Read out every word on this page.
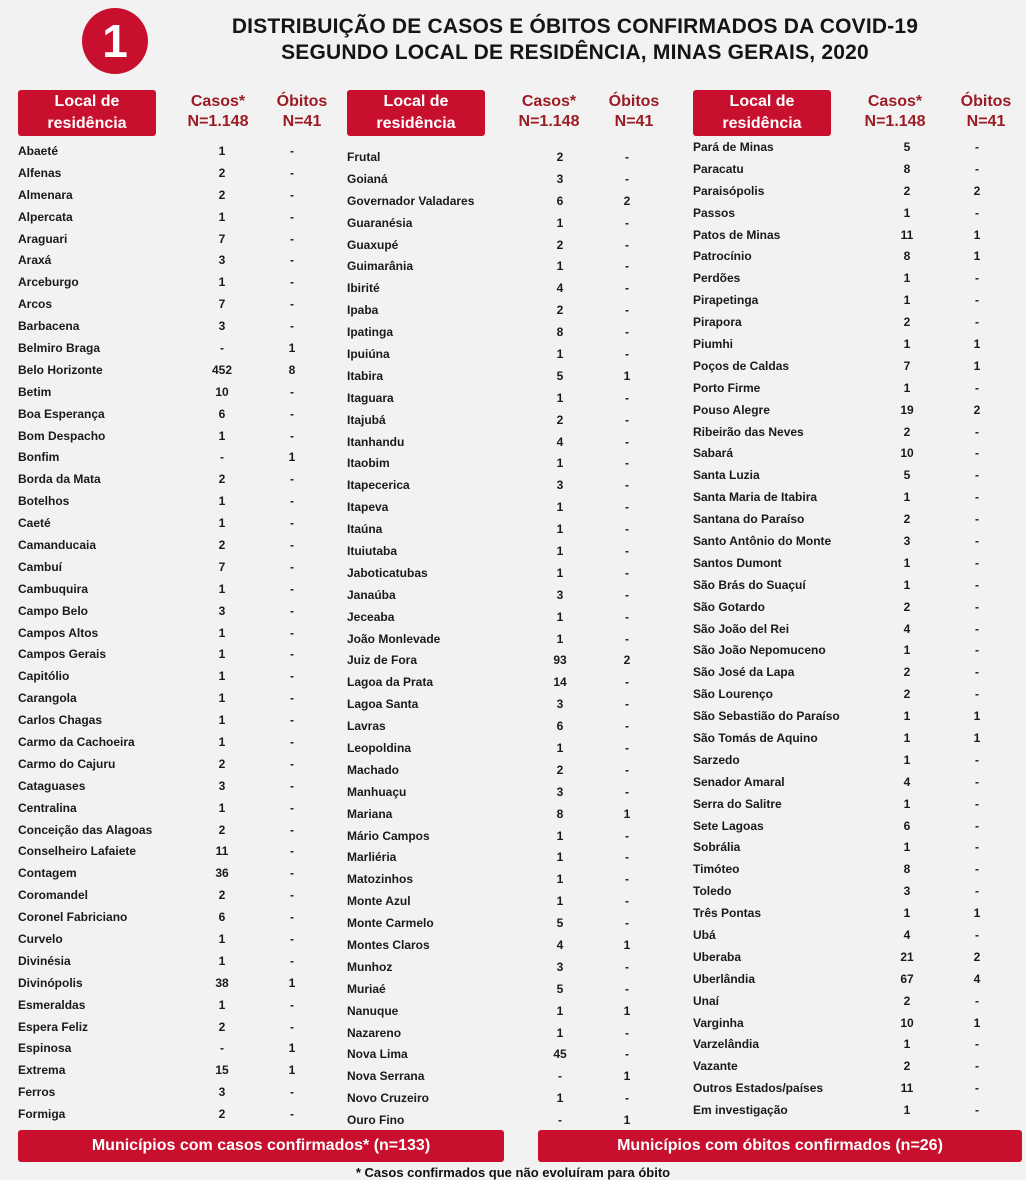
1	DISTRIBUIÇÃO DE CASOS E ÓBITOS CONFIRMADOS DA COVID-19
SEGUNDO LOCAL DE RESIDÊNCIA, MINAS GERAIS, 2020
Local de
residência
Casos*
N=1.148
Óbitos
N=41
Abaeté	1	-
Alfenas	2	-
Almenara	2	-
Alpercata	1	-
Araguari	7	-
Araxá	3	-
Arceburgo	1	-
Arcos	7	-
Barbacena	3	-
Belmiro Braga	-	1
Belo Horizonte	452	8
Betim	10	-
Boa Esperança	6	-
Bom Despacho	1	-
Bonfim	-	1
Borda da Mata	2	-
Botelhos	1	-
Caeté	1	-
Camanducaia	2	-
Cambuí	7	-
Cambuquira	1	-
Campo Belo	3	-
Campos Altos	1	-
Campos Gerais	1	-
Capitólio	1	-
Carangola	1	-
Carlos Chagas	1	-
Carmo da Cachoeira	1	-
Carmo do Cajuru	2	-
Cataguases	3	-
Centralina	1	-
Conceição das Alagoas	2	-
Conselheiro Lafaiete	11	-
Contagem	36	-
Coromandel	2	-
Coronel Fabriciano	6	-
Curvelo	1	-
Divinésia	1	-
Divinópolis	38	1
Esmeraldas	1	-
Espera Feliz	2	-
Espinosa	-	1
Extrema	15	1
Ferros	3	-
Formiga	2	-
Local de
residência
Casos*
N=1.148
Óbitos
N=41
Frutal	2	-
Goianá	3	-
Governador Valadares	6	2
Guaranésia	1	-
Guaxupé	2	-
Guimarânia	1	-
Ibirité	4	-
Ipaba	2	-
Ipatinga	8	-
Ipuiúna	1	-
Itabira	5	1
Itaguara	1	-
Itajubá	2	-
Itanhandu	4	-
Itaobim	1	-
Itapecerica	3	-
Itapeva	1	-
Itaúna	1	-
Ituiutaba	1	-
Jaboticatubas	1	-
Janaúba	3	-
Jeceaba	1	-
João Monlevade	1	-
Juiz de Fora	93	2
Lagoa da Prata	14	-
Lagoa Santa	3	-
Lavras	6	-
Leopoldina	1	-
Machado	2	-
Manhuaçu	3	-
Mariana	8	1
Mário Campos	1	-
Marliéria	1	-
Matozinhos	1	-
Monte Azul	1	-
Monte Carmelo	5	-
Montes Claros	4	1
Munhoz	3	-
Muriaé	5	-
Nanuque	1	1
Nazareno	1	-
Nova Lima	45	-
Nova Serrana	-	1
Novo Cruzeiro	1	-
Ouro Fino	-	1
Local de
residência
Casos*
N=1.148
Óbitos
N=41
Pará de Minas	5	-
Paracatu	8	-
Paraisópolis	2	2
Passos	1	-
Patos de Minas	11	1
Patrocínio	8	1
Perdões	1	-
Pirapetinga	1	-
Pirapora	2	-
Piumhi	1	1
Poços de Caldas	7	1
Porto Firme	1	-
Pouso Alegre	19	2
Ribeirão das Neves	2	-
Sabará	10	-
Santa Luzia	5	-
Santa Maria de Itabira	1	-
Santana do Paraíso	2	-
Santo Antônio do Monte	3	-
Santos Dumont	1	-
São Brás do Suaçuí	1	-
São Gotardo	2	-
São João del Rei	4	-
São João Nepomuceno	1	-
São José da Lapa	2	-
São Lourenço	2	-
São Sebastião do Paraíso	1	1
São Tomás de Aquino	1	1
Sarzedo	1	-
Senador Amaral	4	-
Serra do Salitre	1	-
Sete Lagoas	6	-
Sobrália	1	-
Timóteo	8	-
Toledo	3	-
Três Pontas	1	1
Ubá	4	-
Uberaba	21	2
Uberlândia	67	4
Unaí	2	-
Varginha	10	1
Varzelândia	1	-
Vazante	2	-
Outros Estados/países	11	-
Em investigação	1	-
Municípios com casos confirmados* (n=133)	Municípios com óbitos confirmados (n=26)
* Casos confirmados que não evoluíram para óbito
